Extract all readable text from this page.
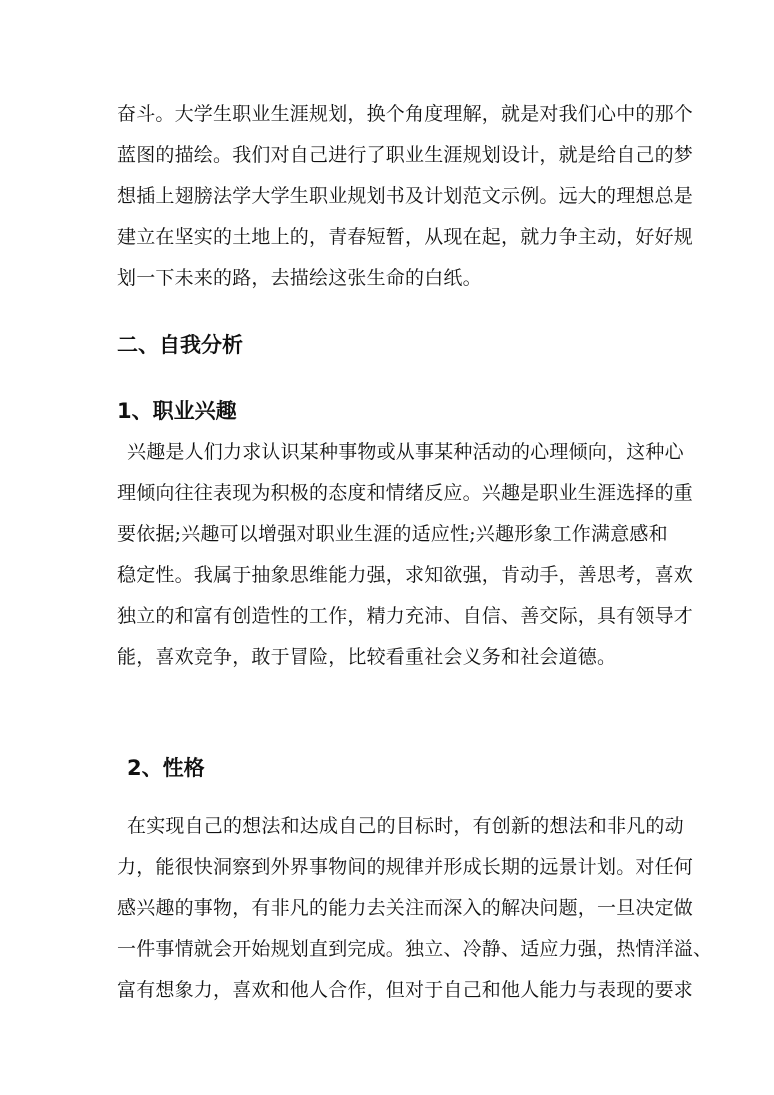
奋斗。大学生职业生涯规划，换个角度理解，就是对我们心中的那个
蓝图的描绘。我们对自己进行了职业生涯规划设计，就是给自己的梦
想插上翅膀法学大学生职业规划书及计划范文示例。远大的理想总是
建立在坚实的土地上的，青春短暂，从现在起，就力争主动，好好规
划一下未来的路，去描绘这张生命的白纸。
二、自我分析
1、职业兴趣
兴趣是人们力求认识某种事物或从事某种活动的心理倾向，这种心
理倾向往往表现为积极的态度和情绪反应。兴趣是职业生涯选择的重
要依据;兴趣可以增强对职业生涯的适应性;兴趣形象工作满意感和
稳定性。我属于抽象思维能力强，求知欲强，肯动手，善思考，喜欢
独立的和富有创造性的工作，精力充沛、自信、善交际，具有领导才
能，喜欢竞争，敢于冒险，比较看重社会义务和社会道德。
2、性格
在实现自己的想法和达成自己的目标时，有创新的想法和非凡的动
力，能很快洞察到外界事物间的规律并形成长期的远景计划。对任何
感兴趣的事物，有非凡的能力去关注而深入的解决问题，一旦决定做
一件事情就会开始规划直到完成。独立、冷静、适应力强，热情洋溢、
富有想象力，喜欢和他人合作，但对于自己和他人能力与表现的要求
